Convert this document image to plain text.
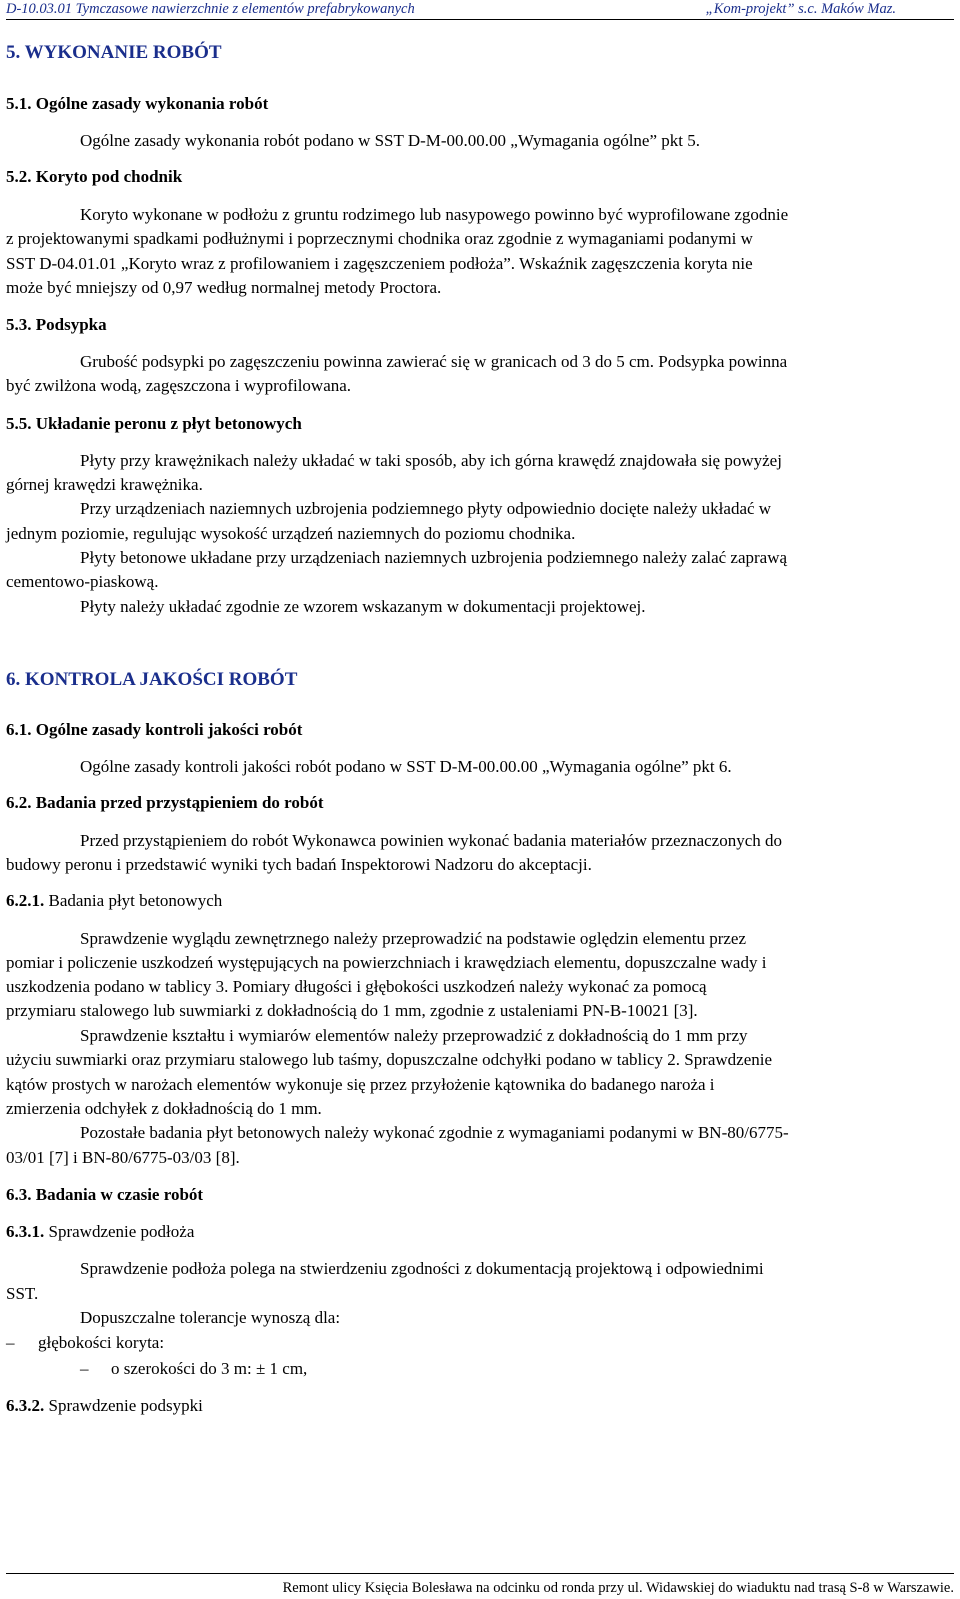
D-10.03.01 Tymczasowe nawierzchnie z elementów prefabrykowanych	„Kom-projekt” s.c. Maków Maz.
5. WYKONANIE ROBÓT
5.1. Ogólne zasady wykonania robót
Ogólne zasady wykonania robót podano w SST D-M-00.00.00 „Wymagania ogólne” pkt 5.
5.2. Koryto pod chodnik
Koryto wykonane w podłożu z gruntu rodzimego lub nasypowego powinno być wyprofilowane zgodnie
z projektowanymi spadkami podłużnymi i poprzecznymi chodnika oraz zgodnie z wymaganiami podanymi w
SST D-04.01.01 „Koryto wraz z profilowaniem i zagęszczeniem podłoża”. Wskaźnik zagęszczenia koryta nie
może być mniejszy od 0,97 według normalnej metody Proctora.
5.3. Podsypka
Grubość podsypki po zagęszczeniu powinna zawierać się w granicach od 3 do 5 cm. Podsypka powinna
być zwilżona wodą, zagęszczona i wyprofilowana.
5.5. Układanie peronu z płyt betonowych
Płyty przy krawężnikach należy układać w taki sposób, aby ich górna krawędź znajdowała się powyżej
górnej krawędzi krawężnika.
Przy urządzeniach naziemnych uzbrojenia podziemnego płyty odpowiednio docięte należy układać w
jednym poziomie, regulując wysokość urządzeń naziemnych do poziomu chodnika.
Płyty betonowe układane przy urządzeniach naziemnych uzbrojenia podziemnego należy zalać zaprawą
cementowo-piaskową.
Płyty należy układać zgodnie ze wzorem wskazanym w dokumentacji projektowej.
6. KONTROLA JAKOŚCI ROBÓT
6.1. Ogólne zasady kontroli jakości robót
Ogólne zasady kontroli jakości robót podano w SST D-M-00.00.00 „Wymagania ogólne” pkt 6.
6.2. Badania przed przystąpieniem do robót
Przed przystąpieniem do robót Wykonawca powinien wykonać badania materiałów przeznaczonych do
budowy peronu i przedstawić wyniki tych badań Inspektorowi Nadzoru do akceptacji.
6.2.1. Badania płyt betonowych
Sprawdzenie wyglądu zewnętrznego należy przeprowadzić na podstawie oględzin elementu przez
pomiar i policzenie uszkodzeń występujących na powierzchniach i krawędziach elementu, dopuszczalne wady i
uszkodzenia podano w tablicy 3. Pomiary długości i głębokości uszkodzeń należy wykonać za pomocą
przymiaru stalowego lub suwmiarki z dokładnością do 1 mm, zgodnie z ustaleniami PN-B-10021 [3].
Sprawdzenie kształtu i wymiarów elementów należy przeprowadzić z dokładnością do 1 mm przy
użyciu suwmiarki oraz przymiaru stalowego lub taśmy, dopuszczalne odchyłki podano w tablicy 2. Sprawdzenie
kątów prostych w narożach elementów wykonuje się przez przyłożenie kątownika do badanego naroża i
zmierzenia odchyłek z dokładnością do 1 mm.
Pozostałe badania płyt betonowych należy wykonać zgodnie z wymaganiami podanymi w BN-80/6775-
03/01 [7] i BN-80/6775-03/03 [8].
6.3. Badania w czasie robót
6.3.1. Sprawdzenie podłoża
Sprawdzenie podłoża polega na stwierdzeniu zgodności z dokumentacją projektową i odpowiednimi
SST.
Dopuszczalne tolerancje wynoszą dla:
– głębokości koryta:
– o szerokości do 3 m: ± 1 cm,
6.3.2. Sprawdzenie podsypki
Remont ulicy Księcia Bolesława na odcinku od ronda przy ul. Widawskiej do wiaduktu nad trasą S-8 w Warszawie.
